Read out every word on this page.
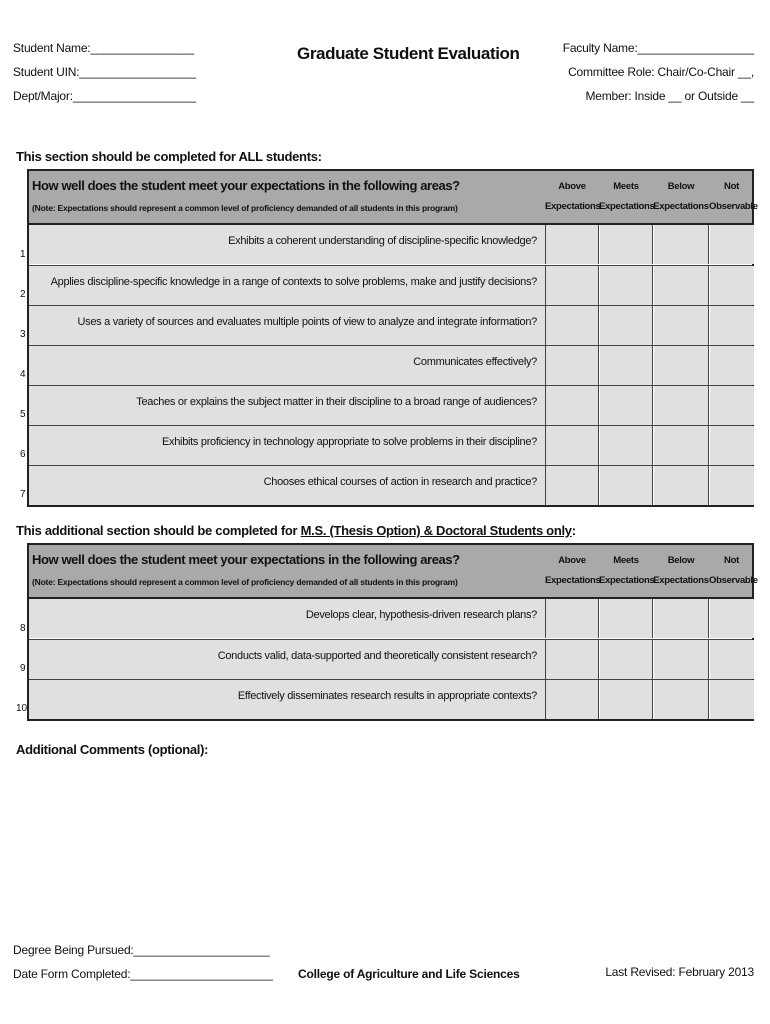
Student Name:________________
Student UIN:__________________
Dept/Major:___________________
Graduate Student Evaluation	Faculty Name:__________________
Committee Role: Chair/Co-Chair __,
Member: Inside __ or Outside __
This section should be completed for ALL students:
How well does the student meet your expectations in the following areas?
(Note: Expectations should represent a common level of proficiency demanded of all students in this program)
Above
Expectations
Meets
Expectations
Below
Expectations
Not
Observable
Exhibits a coherent understanding of discipline-specific knowledge?
Applies discipline-specific knowledge in a range of contexts to solve problems, make and justify decisions?
Uses a variety of sources and evaluates multiple points of view to analyze and integrate information?
Communicates effectively?
Teaches or explains the subject matter in their discipline to a broad range of audiences?
Exhibits proficiency in technology appropriate to solve problems in their discipline?
Chooses ethical courses of action in research and practice?
This additional section should be completed for M.S. (Thesis Option) & Doctoral Students only:
How well does the student meet your expectations in the following areas?
(Note: Expectations should represent a common level of proficiency demanded of all students in this program)
Above
Expectations
Meets
Expectations
Below
Expectations
Not
Observable
Develops clear, hypothesis-driven research plans?
Conducts valid, data-supported and theoretically consistent research?
Effectively disseminates research results in appropriate contexts?
Additional Comments (optional):
Degree Being Pursued:_____________________
Date Form Completed:______________________ College of Agriculture and Life Sciences	Last Revised: February 2013
1
2
3
4
5
6
7
8
9
10
